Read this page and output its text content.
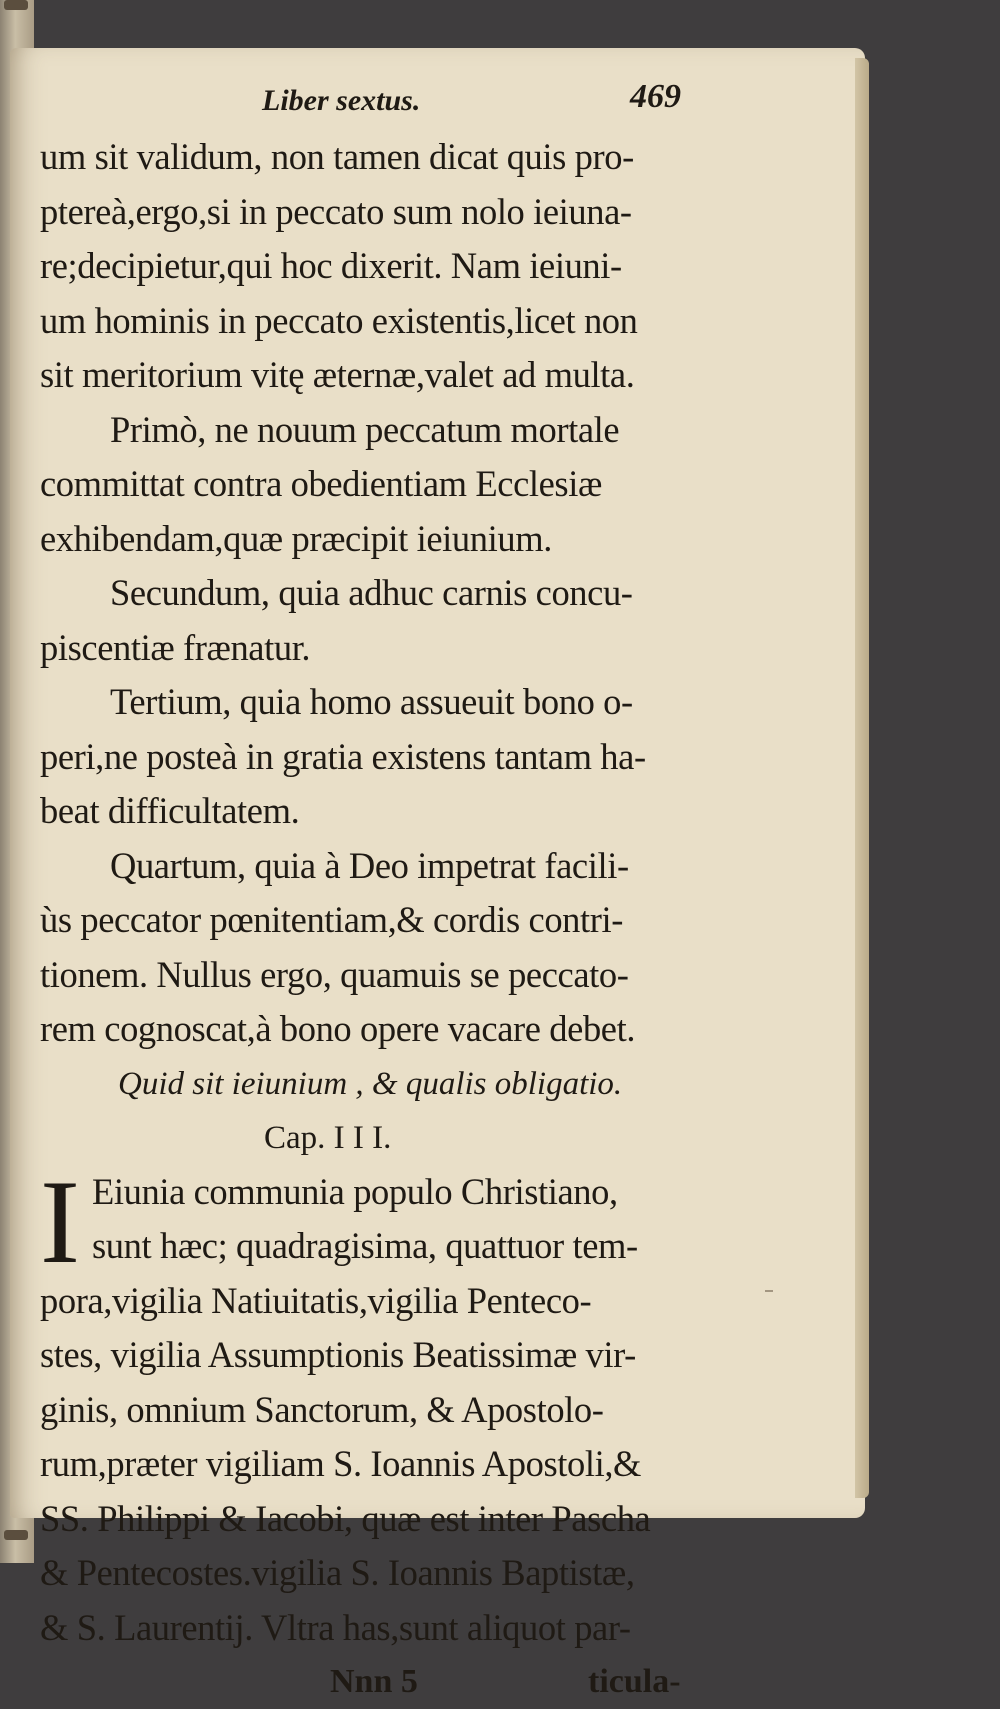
Liber sextus.	469
um sit validum, non tamen dicat quis pro-
ptereà,ergo,si in peccato sum nolo ieiuna-
re;decipietur,qui hoc dixerit. Nam ieiuni-
um hominis in peccato existentis,licet non
sit meritorium vitę æternæ,valet ad multa.
Primò, ne nouum peccatum mortale
committat contra obedientiam Ecclesiæ
exhibendam,quæ præcipit ieiunium.
Secundum, quia adhuc carnis concu-
piscentiæ frænatur.
Tertium, quia homo assueuit bono o-
peri,ne posteà in gratia existens tantam ha-
beat difficultatem.
Quartum, quia à Deo impetrat facili-
ùs peccator pœnitentiam,& cordis contri-
tionem. Nullus ergo, quamuis se peccato-
rem cognoscat,à bono opere vacare debet.
Quid sit ieiunium , & qualis obligatio.
Cap. I I I.
I Eiunia communia populo Christiano,
sunt hæc; quadragisima, quattuor tem-
pora,vigilia Natiuitatis,vigilia Penteco-
stes, vigilia Assumptionis Beatissimæ vir-
ginis, omnium Sanctorum, & Apostolo-
rum,præter vigiliam S. Ioannis Apostoli,&
SS. Philippi & Iacobi, quæ est inter Pascha
& Pentecostes.vigilia S. Ioannis Baptistæ,
& S. Laurentij. Vltra has,sunt aliquot par-
Nnn 5	ticula-
